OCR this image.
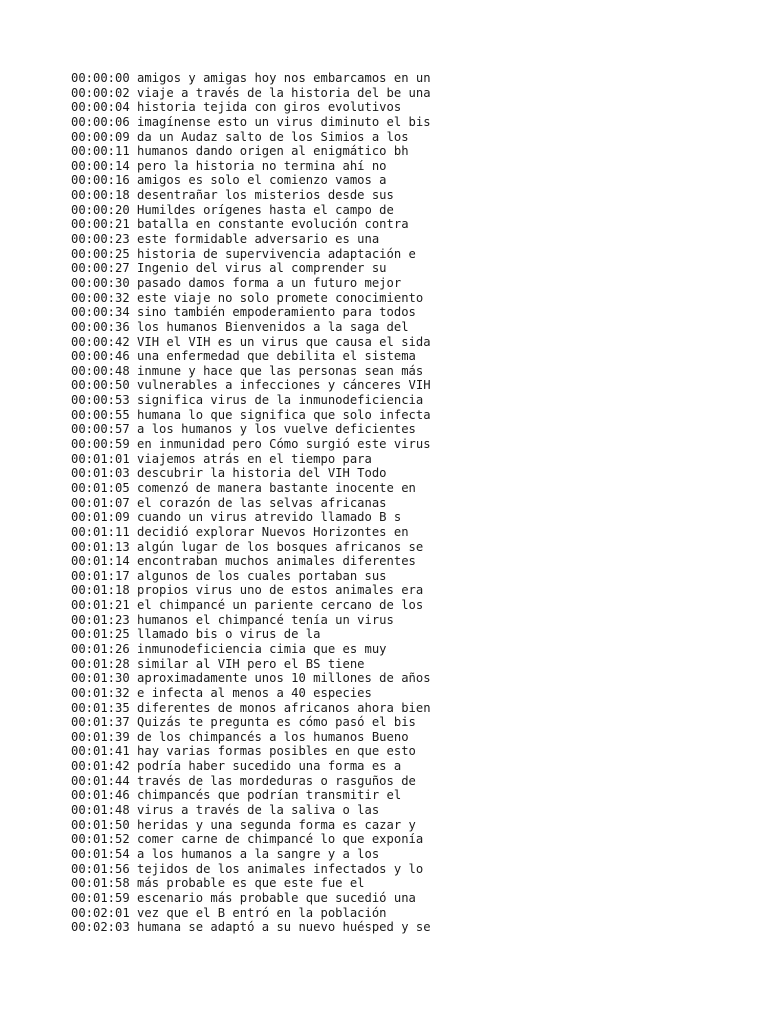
00:00:00 amigos y amigas hoy nos embarcamos en un
00:00:02 viaje a través de la historia del be una
00:00:04 historia tejida con giros evolutivos
00:00:06 imagínense esto un virus diminuto el bis
00:00:09 da un Audaz salto de los Simios a los
00:00:11 humanos dando origen al enigmático bh
00:00:14 pero la historia no termina ahí no
00:00:16 amigos es solo el comienzo vamos a
00:00:18 desentrañar los misterios desde sus
00:00:20 Humildes orígenes hasta el campo de
00:00:21 batalla en constante evolución contra
00:00:23 este formidable adversario es una
00:00:25 historia de supervivencia adaptación e
00:00:27 Ingenio del virus al comprender su
00:00:30 pasado damos forma a un futuro mejor
00:00:32 este viaje no solo promete conocimiento
00:00:34 sino también empoderamiento para todos
00:00:36 los humanos Bienvenidos a la saga del
00:00:42 VIH el VIH es un virus que causa el sida
00:00:46 una enfermedad que debilita el sistema
00:00:48 inmune y hace que las personas sean más
00:00:50 vulnerables a infecciones y cánceres VIH
00:00:53 significa virus de la inmunodeficiencia
00:00:55 humana lo que significa que solo infecta
00:00:57 a los humanos y los vuelve deficientes
00:00:59 en inmunidad pero Cómo surgió este virus
00:01:01 viajemos atrás en el tiempo para
00:01:03 descubrir la historia del VIH Todo
00:01:05 comenzó de manera bastante inocente en
00:01:07 el corazón de las selvas africanas
00:01:09 cuando un virus atrevido llamado B s
00:01:11 decidió explorar Nuevos Horizontes en
00:01:13 algún lugar de los bosques africanos se
00:01:14 encontraban muchos animales diferentes
00:01:17 algunos de los cuales portaban sus
00:01:18 propios virus uno de estos animales era
00:01:21 el chimpancé un pariente cercano de los
00:01:23 humanos el chimpancé tenía un virus
00:01:25 llamado bis o virus de la
00:01:26 inmunodeficiencia cimia que es muy
00:01:28 similar al VIH pero el BS tiene
00:01:30 aproximadamente unos 10 millones de años
00:01:32 e infecta al menos a 40 especies
00:01:35 diferentes de monos africanos ahora bien
00:01:37 Quizás te pregunta es cómo pasó el bis
00:01:39 de los chimpancés a los humanos Bueno
00:01:41 hay varias formas posibles en que esto
00:01:42 podría haber sucedido una forma es a
00:01:44 través de las mordeduras o rasguños de
00:01:46 chimpancés que podrían transmitir el
00:01:48 virus a través de la saliva o las
00:01:50 heridas y una segunda forma es cazar y
00:01:52 comer carne de chimpancé lo que exponía
00:01:54 a los humanos a la sangre y a los
00:01:56 tejidos de los animales infectados y lo
00:01:58 más probable es que este fue el
00:01:59 escenario más probable que sucedió una
00:02:01 vez que el B entró en la población
00:02:03 humana se adaptó a su nuevo huésped y se
